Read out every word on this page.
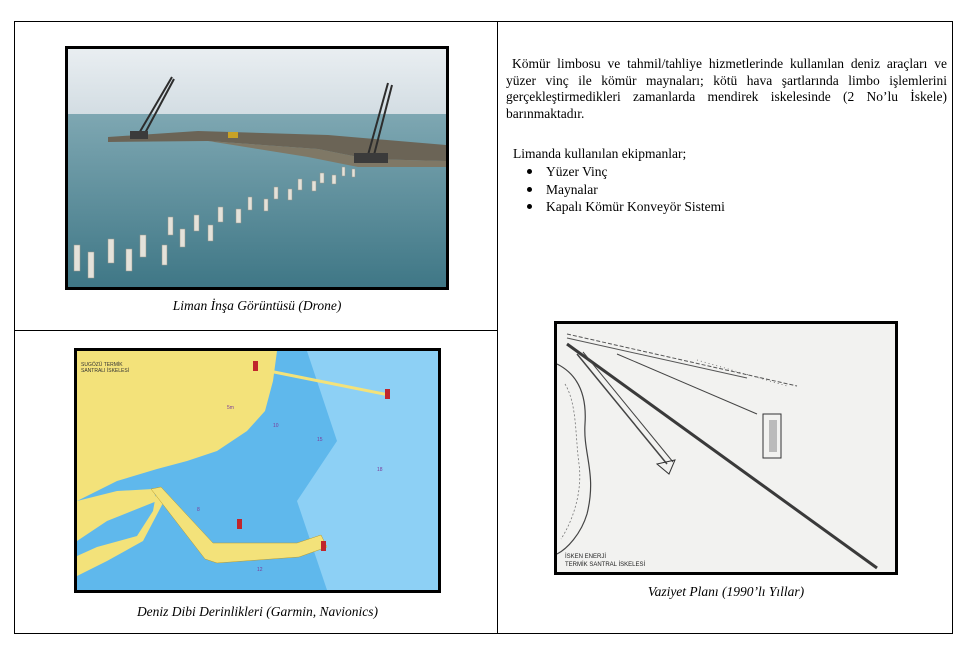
Liman İnşa Görüntüsü (Drone)
5m
10
15
18
8
12
SUGÖZÜ TERMİK
SANTRALI İSKELESİ
Deniz Dibi Derinlikleri (Garmin, Navionics)
Kömür limbosu ve tahmil/tahliye hizmetlerinde kullanılan deniz araçları ve yüzer vinç ile kömür maynaları; kötü hava şartlarında limbo işlemlerini gerçekleştirmedikleri zamanlarda mendirek iskelesinde (2 No’lu İskele) barınmaktadır.
Limanda kullanılan ekipmanlar;
Yüzer Vinç
Maynalar
Kapalı Kömür Konveyör Sistemi
İSKEN ENERJİ
TERMİK SANTRAL İSKELESİ
Vaziyet Planı (1990’lı Yıllar)
